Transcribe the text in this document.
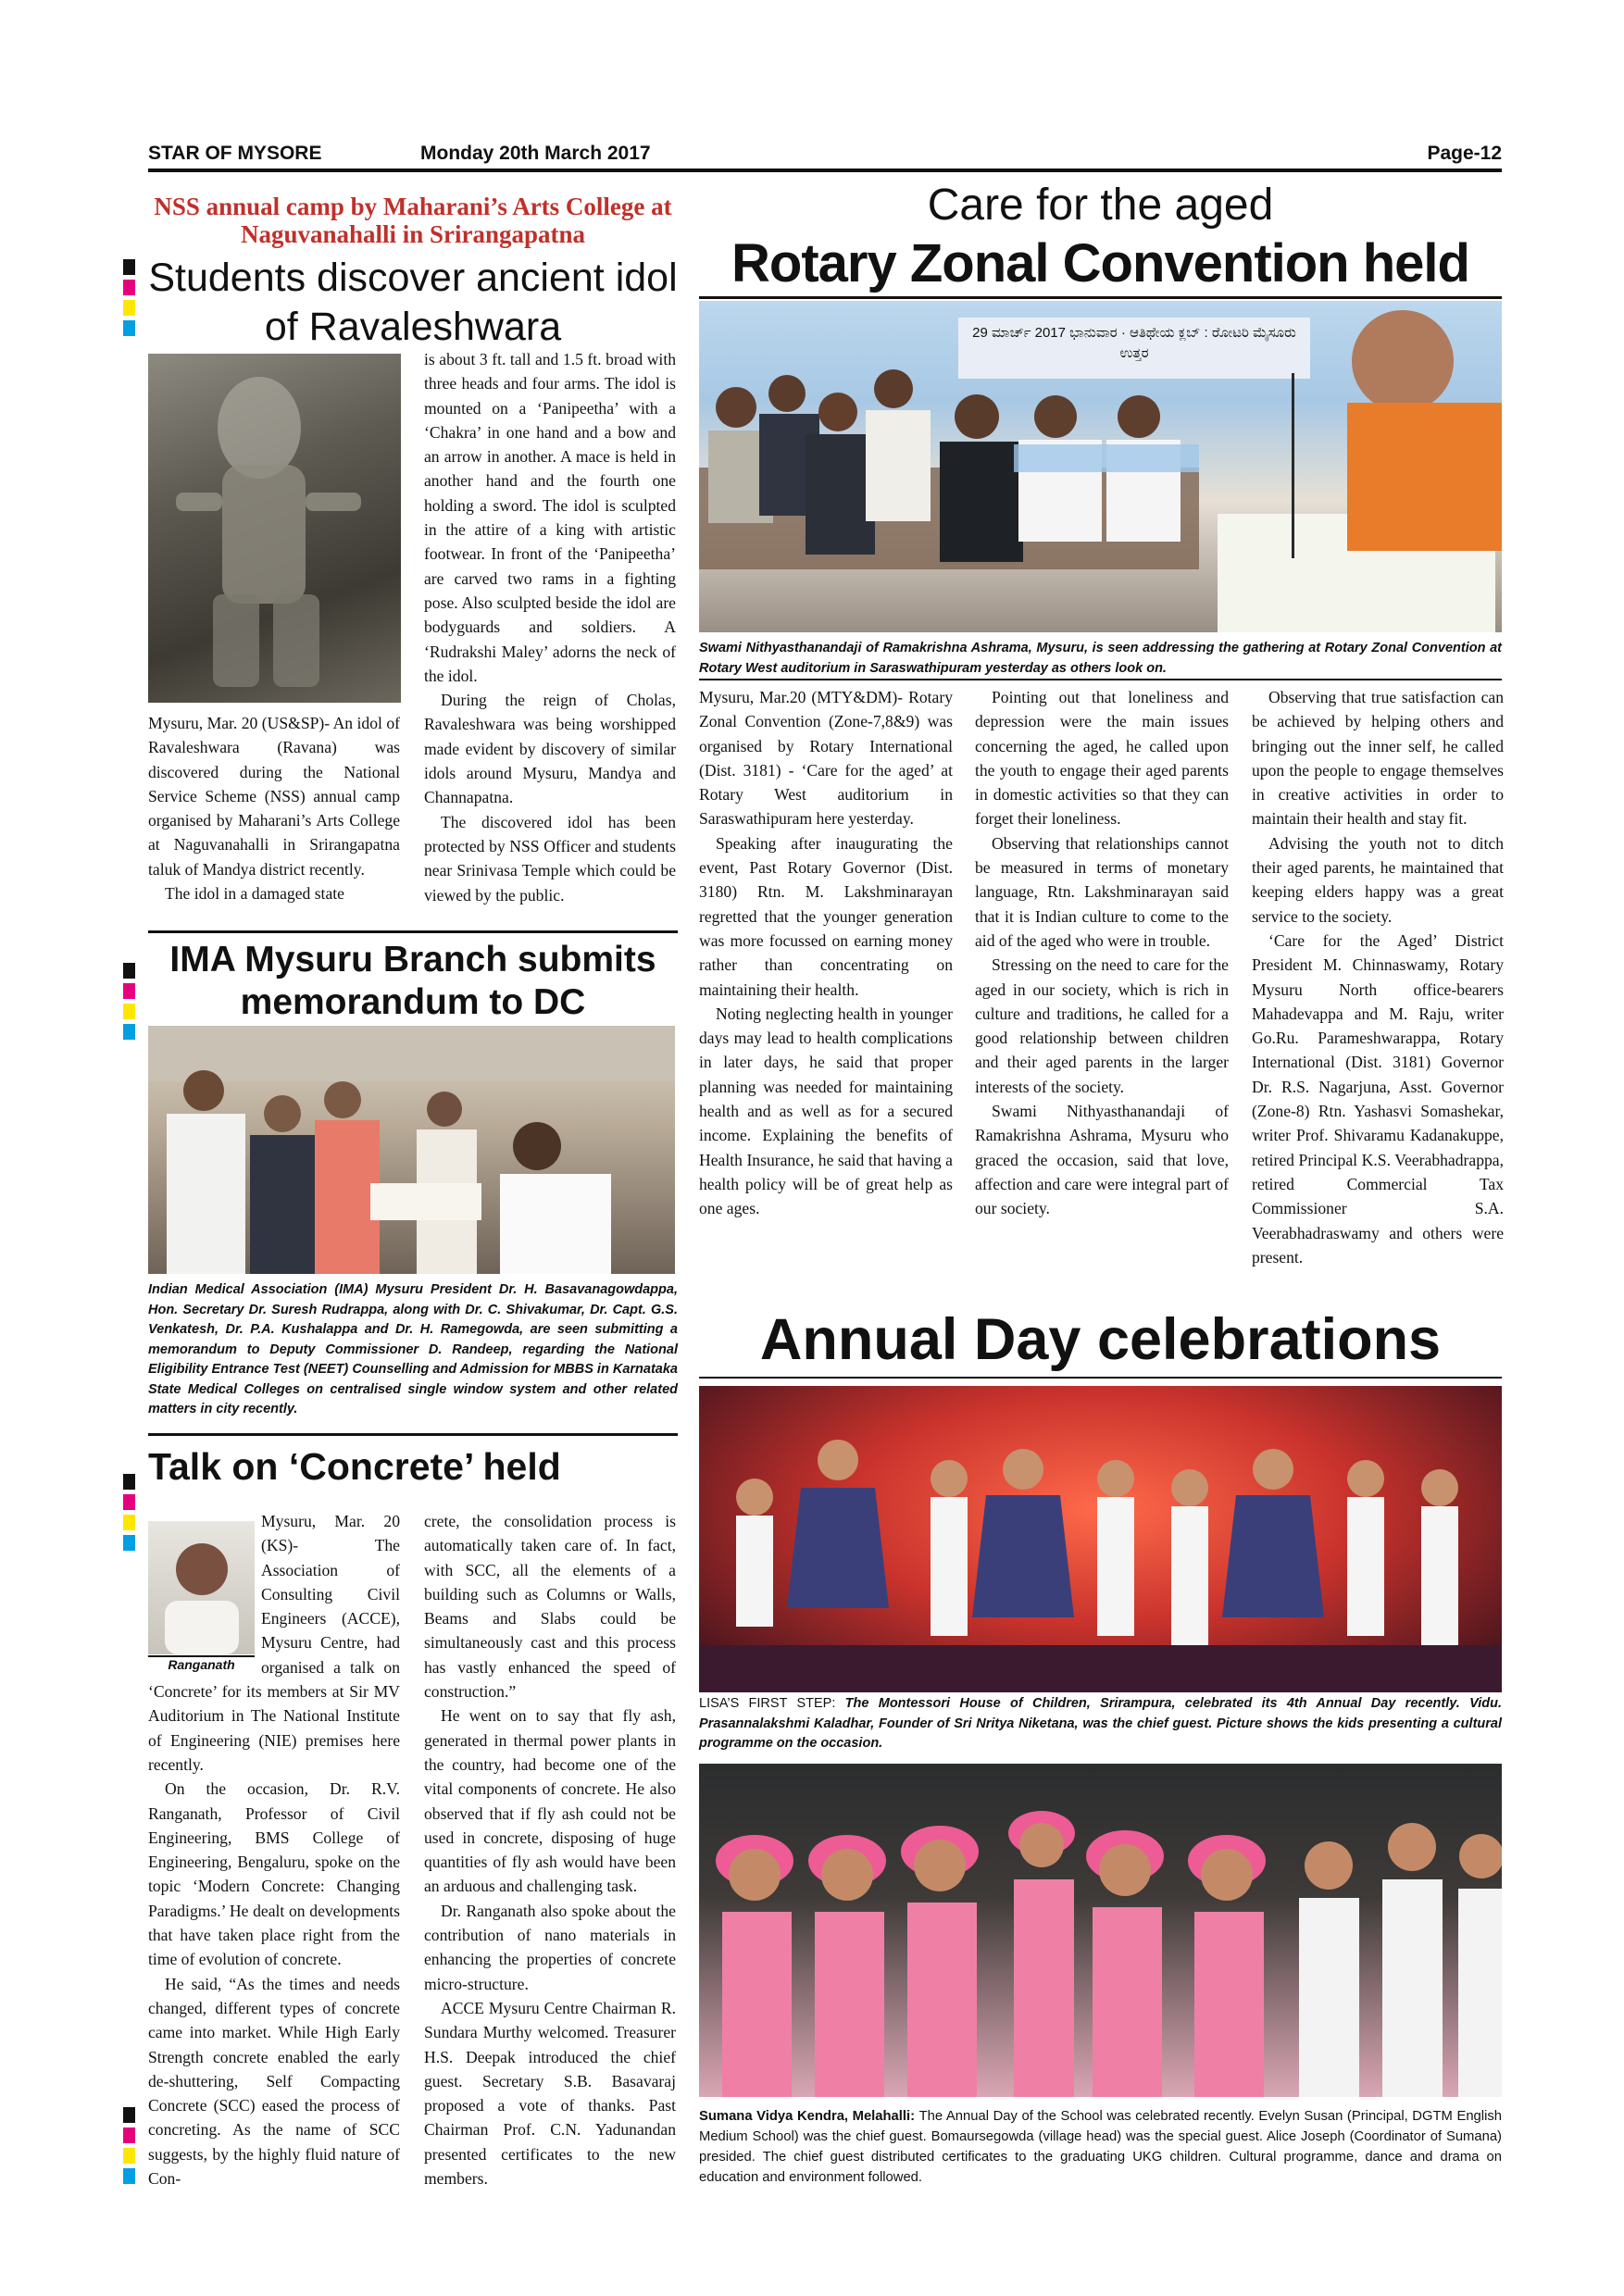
STAR OF MYSORE	Monday 20th March 2017	Page-12
NSS annual camp by Maharani’s Arts College at Naguvanahalli in Srirangapatna
Students discover ancient idol of Ravaleshwara

Mysuru, Mar. 20 (US&SP)- An idol of Ravaleshwara (Ravana) was discovered during the National Service Scheme (NSS) annual camp organised by Maharani’s Arts College at Naguvanahalli in Srirangapatna taluk of Mandya district recently.

The idol in a damaged state

is about 3 ft. tall and 1.5 ft. broad with three heads and four arms. The idol is mounted on a ‘Panipeetha’ with a ‘Chakra’ in one hand and a bow and an arrow in another. A mace is held in another hand and the fourth one holding a sword. The idol is sculpted in the attire of a king with artistic footwear. In front of the ‘Panipeetha’ are carved two rams in a fighting pose. Also sculpted beside the idol are bodyguards and soldiers. A ‘Rudrakshi Maley’ adorns the neck of the idol.

During the reign of Cholas, Ravaleshwara was being worshipped made evident by discovery of similar idols around Mysuru, Mandya and Channapatna.

The discovered idol has been protected by NSS Officer and students near Srinivasa Temple which could be viewed by the public.

IMA Mysuru Branch submits memorandum to DC
Indian Medical Association (IMA) Mysuru President Dr. H. Basavanagowdappa, Hon. Secretary Dr. Suresh Rudrappa, along with Dr. C. Shivakumar, Dr. Capt. G.S. Venkatesh, Dr. P.A. Kushalappa and Dr. H. Ramegowda, are seen submitting a memorandum to Deputy Commissioner D. Randeep, regarding the National Eligibility Entrance Test (NEET) Counselling and Admission for MBBS in Karnataka State Medical Colleges on centralised single window system and other related matters in city recently.
Talk on ‘Concrete’ held
Ranganath

Mysuru, Mar. 20 (KS)- The Association of Consulting Civil Engineers (ACCE), Mysuru Centre, had organised a talk on ‘Concrete’ for its members at Sir MV Auditorium in The National Institute of Engineering (NIE) premises here recently.

On the occasion, Dr. R.V. Ranganath, Professor of Civil Engineering, BMS College of Engineering, Bengaluru, spoke on the topic ‘Modern Concrete: Changing Paradigms.’ He dealt on developments that have taken place right from the time of evolution of concrete.

He said, “As the times and needs changed, different types of concrete came into market. While High Early Strength concrete enabled the early de-shuttering, Self Compacting Concrete (SCC) eased the process of concreting. As the name of SCC suggests, by the highly fluid nature of Con-

crete, the consolidation process is automatically taken care of. In fact, with SCC, all the elements of a building such as Columns or Walls, Beams and Slabs could be simultaneously cast and this process has vastly enhanced the speed of construction.”

He went on to say that fly ash, generated in thermal power plants in the country, had become one of the vital components of concrete. He also observed that if fly ash could not be used in concrete, disposing of huge quantities of fly ash would have been an arduous and challenging task.

Dr. Ranganath also spoke about the contribution of nano materials in enhancing the properties of concrete micro-structure.

ACCE Mysuru Centre Chairman R. Sundara Murthy welcomed. Treasurer H.S. Deepak introduced the chief guest. Secretary S.B. Basavaraj proposed a vote of thanks. Past Chairman Prof. C.N. Yadunandan presented certificates to the new members.

Care for the aged
Rotary Zonal Convention held
29 ಮಾರ್ಚ್ 2017 ಭಾನುವಾರ · ಆತಿಥೇಯ ಕ್ಲಬ್ : ರೋಟರಿ ಮೈಸೂರು ಉತ್ತರ
Swami Nithyasthanandaji of Ramakrishna Ashrama, Mysuru, is seen addressing the gathering at Rotary Zonal Convention at Rotary West auditorium in Saraswathipuram yesterday as others look on.

Mysuru, Mar.20 (MTY&DM)- Rotary Zonal Convention (Zone-7,8&9) was organised by Rotary International (Dist. 3181) - ‘Care for the aged’ at Rotary West auditorium in Saraswathipuram here yesterday.

Speaking after inaugurating the event, Past Rotary Governor (Dist. 3180) Rtn. M. Lakshminarayan regretted that the younger generation was more focussed on earning money rather than concentrating on maintaining their health.

Noting neglecting health in younger days may lead to health complications in later days, he said that proper planning was needed for maintaining health and as well as for a secured income. Explaining the benefits of Health Insurance, he said that having a health policy will be of great help as one ages.

Pointing out that loneliness and depression were the main issues concerning the aged, he called upon the youth to engage their aged parents in domestic activities so that they can forget their loneliness.

Observing that relationships cannot be measured in terms of monetary language, Rtn. Lakshminarayan said that it is Indian culture to come to the aid of the aged who were in trouble.

Stressing on the need to care for the aged in our society, which is rich in culture and traditions, he called for a good relationship between children and their aged parents in the larger interests of the society.

Swami Nithyasthanandaji of Ramakrishna Ashrama, Mysuru who graced the occasion, said that love, affection and care were integral part of our society.

Observing that true satisfaction can be achieved by helping others and bringing out the inner self, he called upon the people to engage themselves in creative activities in order to maintain their health and stay fit.

Advising the youth not to ditch their aged parents, he maintained that keeping elders happy was a great service to the society.

‘Care for the Aged’ District President M. Chinnaswamy, Rotary Mysuru North office-bearers Mahadevappa and M. Raju, writer Go.Ru. Parameshwarappa, Rotary International (Dist. 3181) Governor Dr. R.S. Nagarjuna, Asst. Governor (Zone-8) Rtn. Yashasvi Somashekar, writer Prof. Shivaramu Kadanakuppe, retired Principal K.S. Veerabhadrappa, retired Commercial Tax Commissioner S.A. Veerabhadraswamy and others were present.

Annual Day celebrations
LISA’S FIRST STEP: The Montessori House of Children, Srirampura, celebrated its 4th Annual Day recently. Vidu. Prasannalakshmi Kaladhar, Founder of Sri Nritya Niketana, was the chief guest. Picture shows the kids presenting a cultural programme on the occasion.
Sumana Vidya Kendra, Melahalli: The Annual Day of the School was celebrated recently. Evelyn Susan (Principal, DGTM English Medium School) was the chief guest. Bomaursegowda (village head) was the special guest. Alice Joseph (Coordinator of Sumana) presided. The chief guest distributed certificates to the graduating UKG children. Cultural programme, dance and drama on education and environment followed.
